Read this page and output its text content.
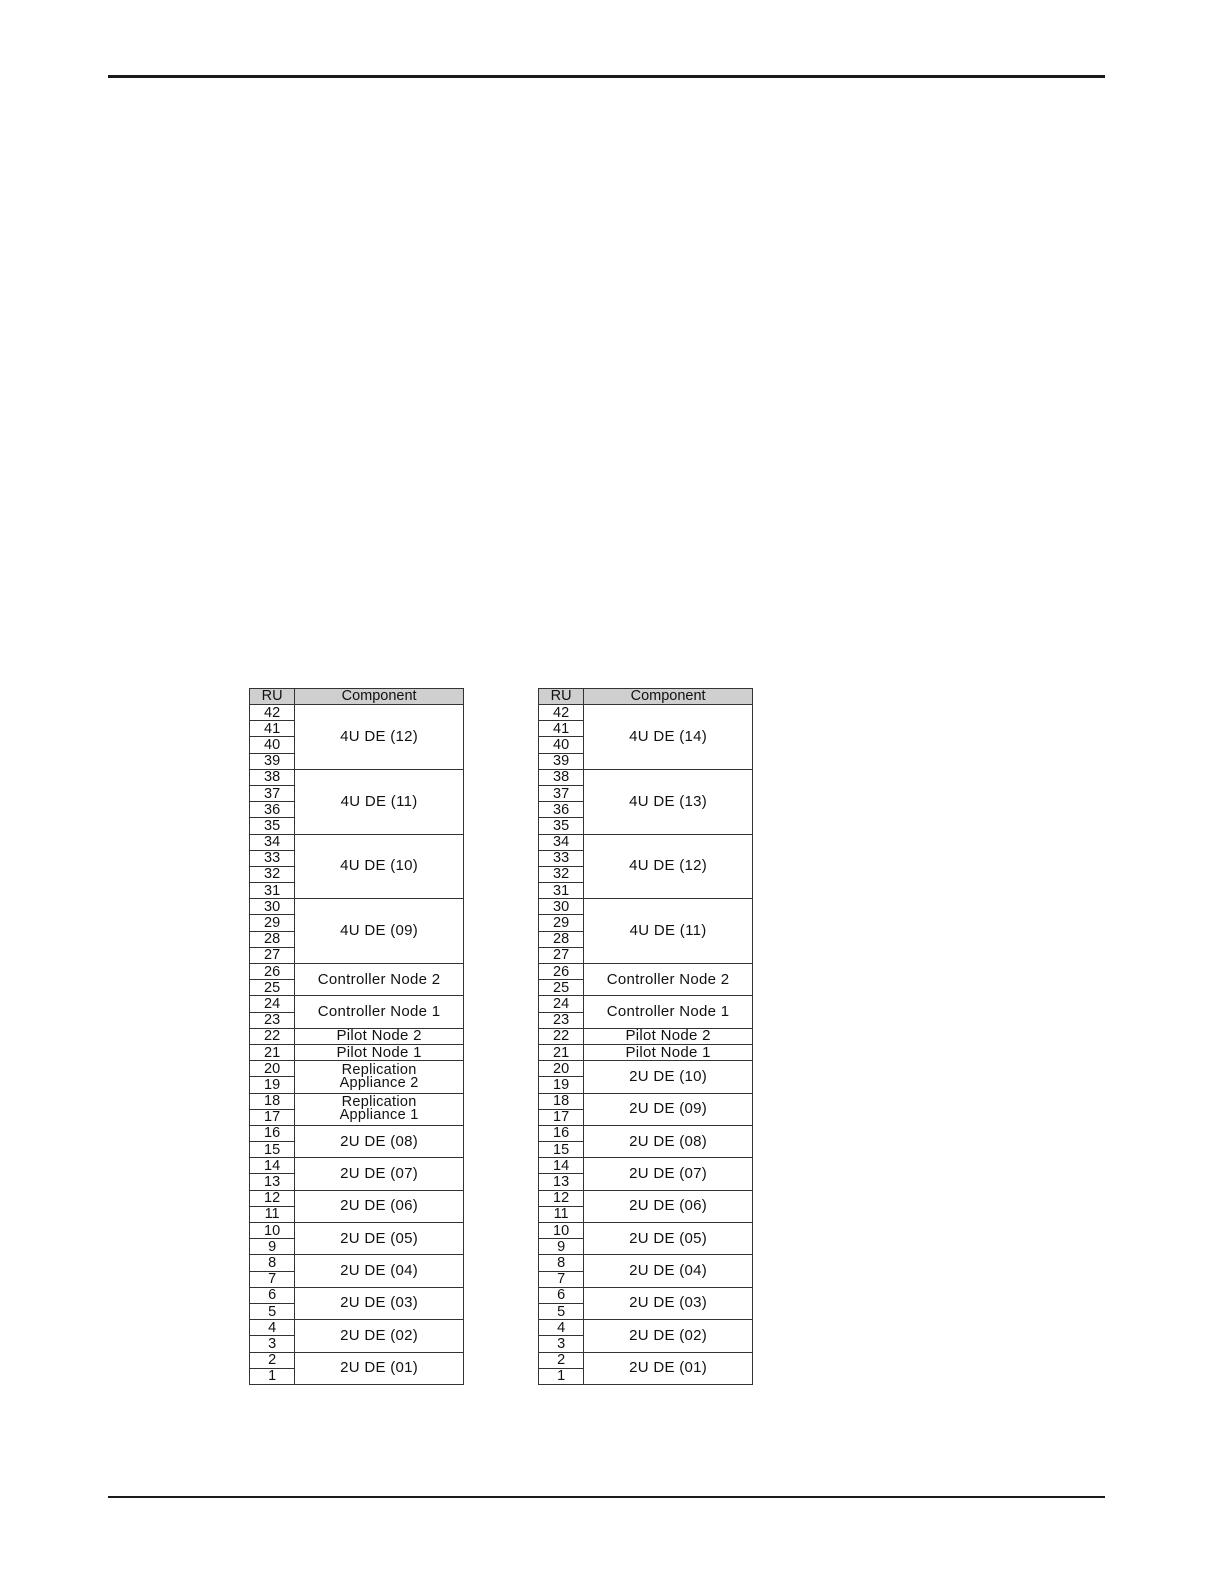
RU	Component
42	4U DE (12)
41	
40	
39	
38	4U DE (11)
37	
36	
35	
34	4U DE (10)
33	
32	
31	
30	4U DE (09)
29	
28	
27	
26	Controller Node 2
25	
24	Controller Node 1
23	
22	Pilot Node 2
21	Pilot Node 1
20	Replication Appliance 2
19	
18	Replication Appliance 1
17	
16	2U DE (08)
15	
14	2U DE (07)
13	
12	2U DE (06)
11	
10	2U DE (05)
9	
8	2U DE (04)
7	
6	2U DE (03)
5	
4	2U DE (02)
3	
2	2U DE (01)
1	
RU	Component
42	4U DE (14)
41	
40	
39	
38	4U DE (13)
37	
36	
35	
34	4U DE (12)
33	
32	
31	
30	4U DE (11)
29	
28	
27	
26	Controller Node 2
25	
24	Controller Node 1
23	
22	Pilot Node 2
21	Pilot Node 1
20	2U DE (10)
19	
18	2U DE (09)
17	
16	2U DE (08)
15	
14	2U DE (07)
13	
12	2U DE (06)
11	
10	2U DE (05)
9	
8	2U DE (04)
7	
6	2U DE (03)
5	
4	2U DE (02)
3	
2	2U DE (01)
1	
